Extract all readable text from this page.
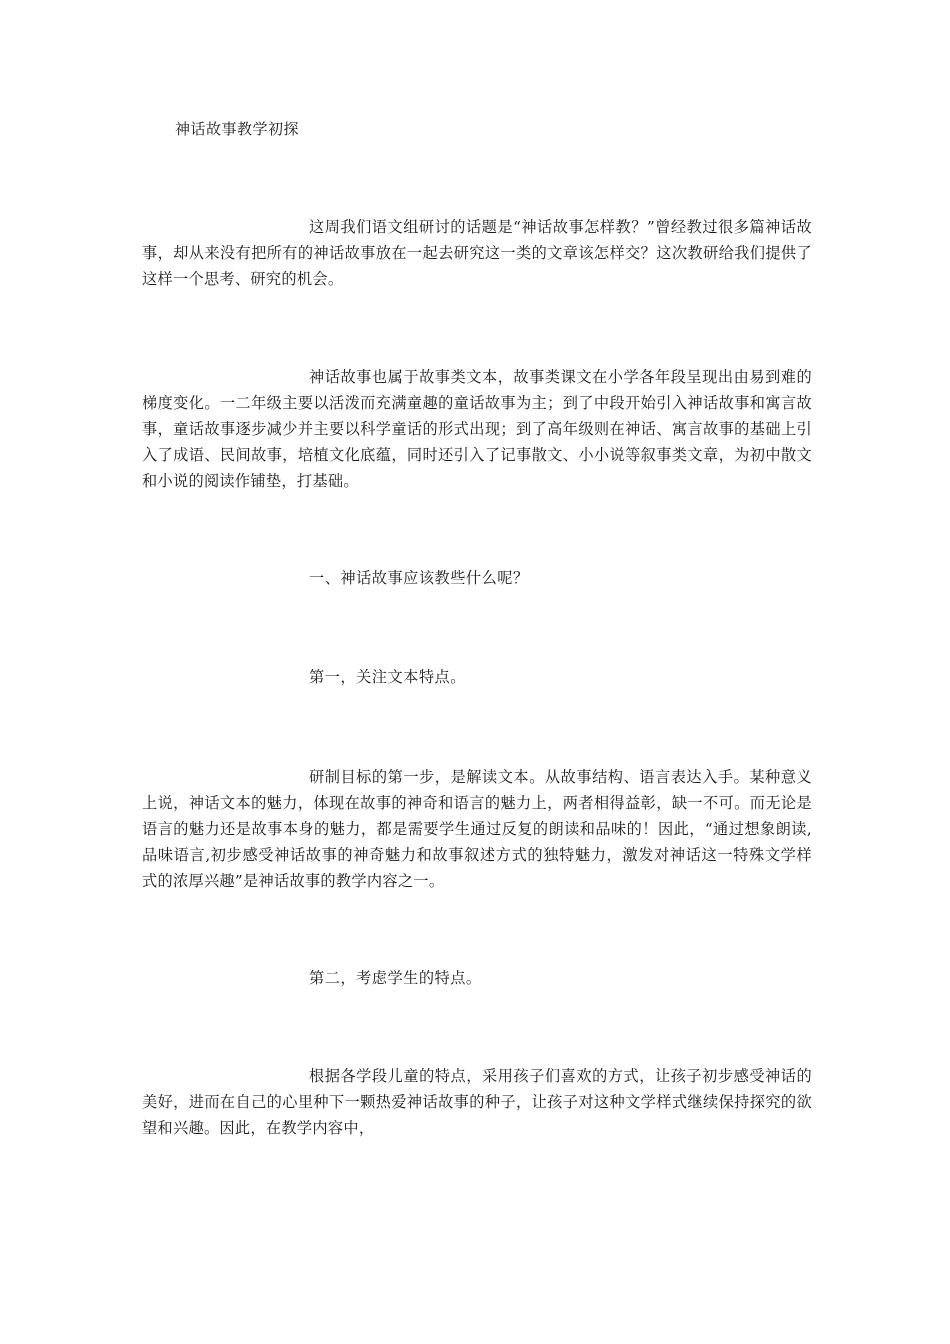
神话故事教学初探

这周我们语文组研讨的话题是“神话故事怎样教？”曾经教过很多篇神话故事，却从来没有把所有的神话故事放在一起去研究这一类的文章该怎样交？这次教研给我们提供了这样一个思考、研究的机会。

神话故事也属于故事类文本，故事类课文在小学各年段呈现出由易到难的梯度变化。一二年级主要以活泼而充满童趣的童话故事为主；到了中段开始引入神话故事和寓言故事，童话故事逐步减少并主要以科学童话的形式出现；到了高年级则在神话、寓言故事的基础上引入了成语、民间故事，培植文化底蕴，同时还引入了记事散文、小小说等叙事类文章，为初中散文和小说的阅读作铺垫，打基础。

一、神话故事应该教些什么呢？
第一，关注文本特点。

研制目标的第一步，是解读文本。从故事结构、语言表达入手。某种意义上说，神话文本的魅力，体现在故事的神奇和语言的魅力上，两者相得益彰，缺一不可。而无论是语言的魅力还是故事本身的魅力，都是需要学生通过反复的朗读和品味的！因此，“通过想象朗读,品味语言,初步感受神话故事的神奇魅力和故事叙述方式的独特魅力，激发对神话这一特殊文学样式的浓厚兴趣”是神话故事的教学内容之一。

第二，考虑学生的特点。

根据各学段儿童的特点，采用孩子们喜欢的方式，让孩子初步感受神话的美好，进而在自己的心里种下一颗热爱神话故事的种子，让孩子对这种文学样式继续保持探究的欲望和兴趣。因此，在教学内容中，
